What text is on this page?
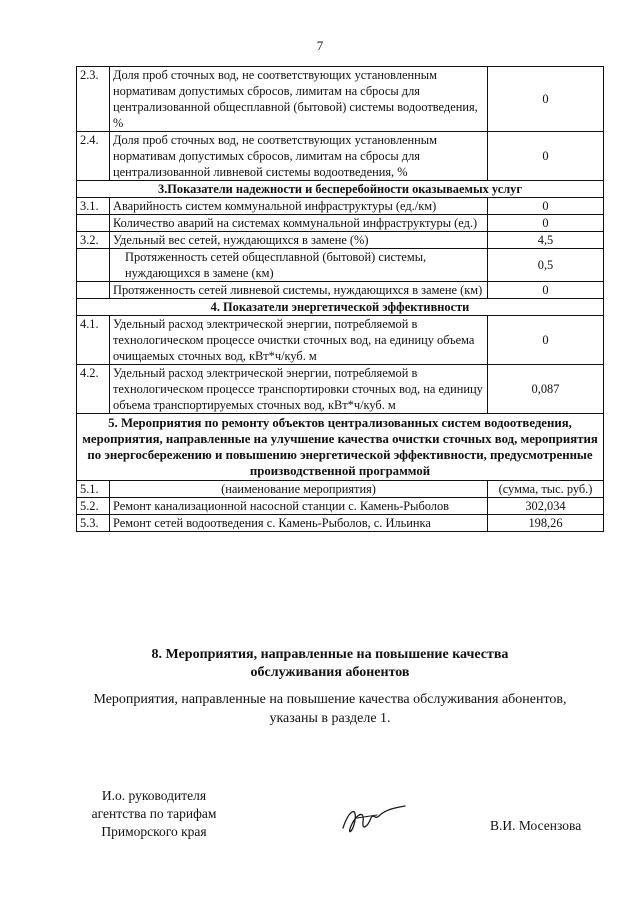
7
2.3.	Доля проб сточных вод, не соответствующих установленным нормативам допустимых сбросов, лимитам на сбросы для централизованной общесплавной (бытовой) системы водоотведения, %	0
2.4.	Доля проб сточных вод, не соответствующих установленным нормативам допустимых сбросов, лимитам на сбросы для централизованной ливневой системы водоотведения, %	0
3.Показатели надежности и бесперебойности оказываемых услуг		
3.1.	Аварийность систем коммунальной инфраструктуры (ед./км)	0
	Количество аварий на системах коммунальной инфраструктуры (ед.)	0
3.2.	Удельный вес сетей, нуждающихся в замене (%)	4,5
	Протяженность сетей общесплавной (бытовой) системы, нуждающихся в замене (км)	0,5
	Протяженность сетей ливневой системы, нуждающихся в замене (км)	0
4. Показатели энергетической эффективности		
4.1.	Удельный расход электрической энергии, потребляемой в технологическом процессе очистки сточных вод, на единицу объема очищаемых сточных вод, кВт*ч/куб. м	0
4.2.	Удельный расход электрической энергии, потребляемой в технологическом процессе транспортировки сточных вод, на единицу объема транспортируемых сточных вод, кВт*ч/куб. м	0,087
5. Мероприятия по ремонту объектов централизованных систем водоотведения, мероприятия, направленные на улучшение качества очистки сточных вод, мероприятия по энергосбережению и повышению энергетической эффективности, предусмотренные производственной программой		
5.1.	(наименование мероприятия)	(сумма, тыс. руб.)
5.2.	Ремонт канализационной насосной станции с. Камень-Рыболов	302,034
5.3.	Ремонт сетей водоотведения с. Камень-Рыболов, с. Ильинка	198,26
8. Мероприятия, направленные на повышение качества
обслуживания абонентов
Мероприятия, направленные на повышение качества обслуживания абонентов,
указаны в разделе 1.
И.о. руководителя
агентства по тарифам
Приморского края	В.И. Мосензова
